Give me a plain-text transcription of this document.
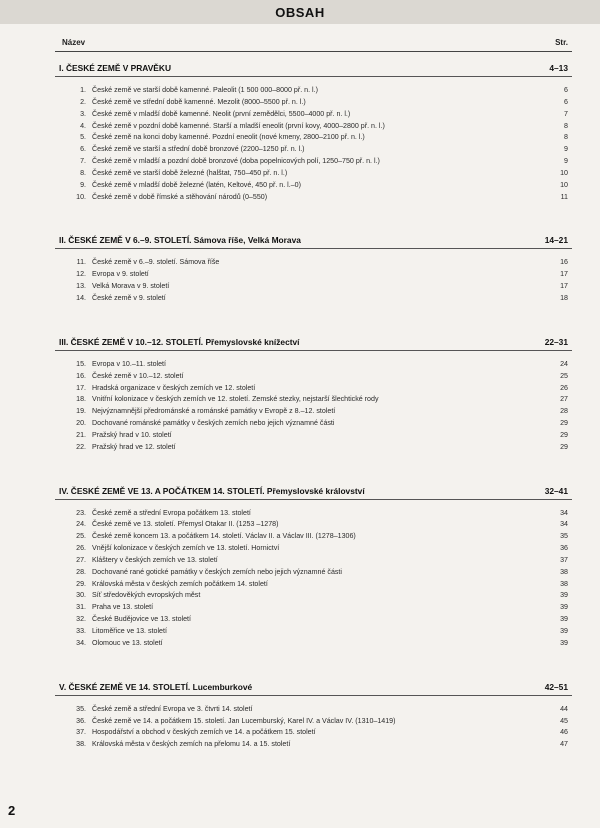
OBSAH
Název	Str.
I. ČESKÉ ZEMĚ V PRAVĚKU	4–13
1. České země ve starší době kamenné. Paleolit (1 500 000–8000 př. n. l.)	6
2. České země ve střední době kamenné. Mezolit (8000–5500 př. n. l.)	6
3. České země v mladší době kamenné. Neolit (první zemědělci, 5500–4000 př. n. l.)	7
4. České země v pozdní době kamenné. Starší a mladší eneolit (první kovy, 4000–2800 př. n. l.)	8
5. České země na konci doby kamenné. Pozdní eneolit (nové kmeny, 2800–2100 př. n. l.)	8
6. České země ve starší a střední době bronzové (2200–1250 př. n. l.)	9
7. České země v mladší a pozdní době bronzové (doba popelnicových polí, 1250–750 př. n. l.)	9
8. České země ve starší době železné (halštat, 750–450 př. n. l.)	10
9. České země v mladší době železné (latén, Keltové, 450 př. n. l.–0)	10
10. České země v době římské a stěhování národů (0–550)	11
II. ČESKÉ ZEMĚ V 6.–9. STOLETÍ. Sámova říše, Velká Morava	14–21
11. České země v 6.–9. století. Sámova říše	16
12. Evropa v 9. století	17
13. Velká Morava v 9. století	17
14. České země v 9. století	18
III. ČESKÉ ZEMĚ V 10.–12. STOLETÍ. Přemyslovské knížectví	22–31
15. Evropa v 10.–11. století	24
16. České země v 10.–12. století	25
17. Hradská organizace v českých zemích ve 12. století	26
18. Vnitřní kolonizace v českých zemích ve 12. století. Zemské stezky, nejstarší šlechtické rody	27
19. Nejvýznamnější předrománské a románské památky v Evropě z 8.–12. století	28
20. Dochované románské památky v českých zemích nebo jejich významné části	29
21. Pražský hrad v 10. století	29
22. Pražský hrad ve 12. století	29
IV. ČESKÉ ZEMĚ VE 13. A POČÁTKEM 14. STOLETÍ. Přemyslovské království	32–41
23. České země a střední Evropa počátkem 13. století	34
24. České země ve 13. století. Přemysl Otakar II. (1253 –1278)	34
25. České země koncem 13. a počátkem 14. století. Václav II. a Václav III. (1278–1306)	35
26. Vnější kolonizace v českých zemích ve 13. století. Hornictví	36
27. Kláštery v českých zemích ve 13. století	37
28. Dochované rané gotické památky v českých zemích nebo jejich významné části	38
29. Královská města v českých zemích počátkem 14. století	38
30. Síť středověkých evropských měst	39
31. Praha ve 13. století	39
32. České Budějovice ve 13. století	39
33. Litoměřice ve 13. století	39
34. Olomouc ve 13. století	39
V. ČESKÉ ZEMĚ VE 14. STOLETÍ. Lucemburkové	42–51
35. České země a střední Evropa ve 3. čtvrti 14. století	44
36. České země ve 14. a počátkem 15. století. Jan Lucemburský, Karel IV. a Václav IV. (1310–1419)	45
37. Hospodářství a obchod v českých zemích ve 14. a počátkem 15. století	46
38. Královská města v českých zemích na přelomu 14. a 15. století	47
2
